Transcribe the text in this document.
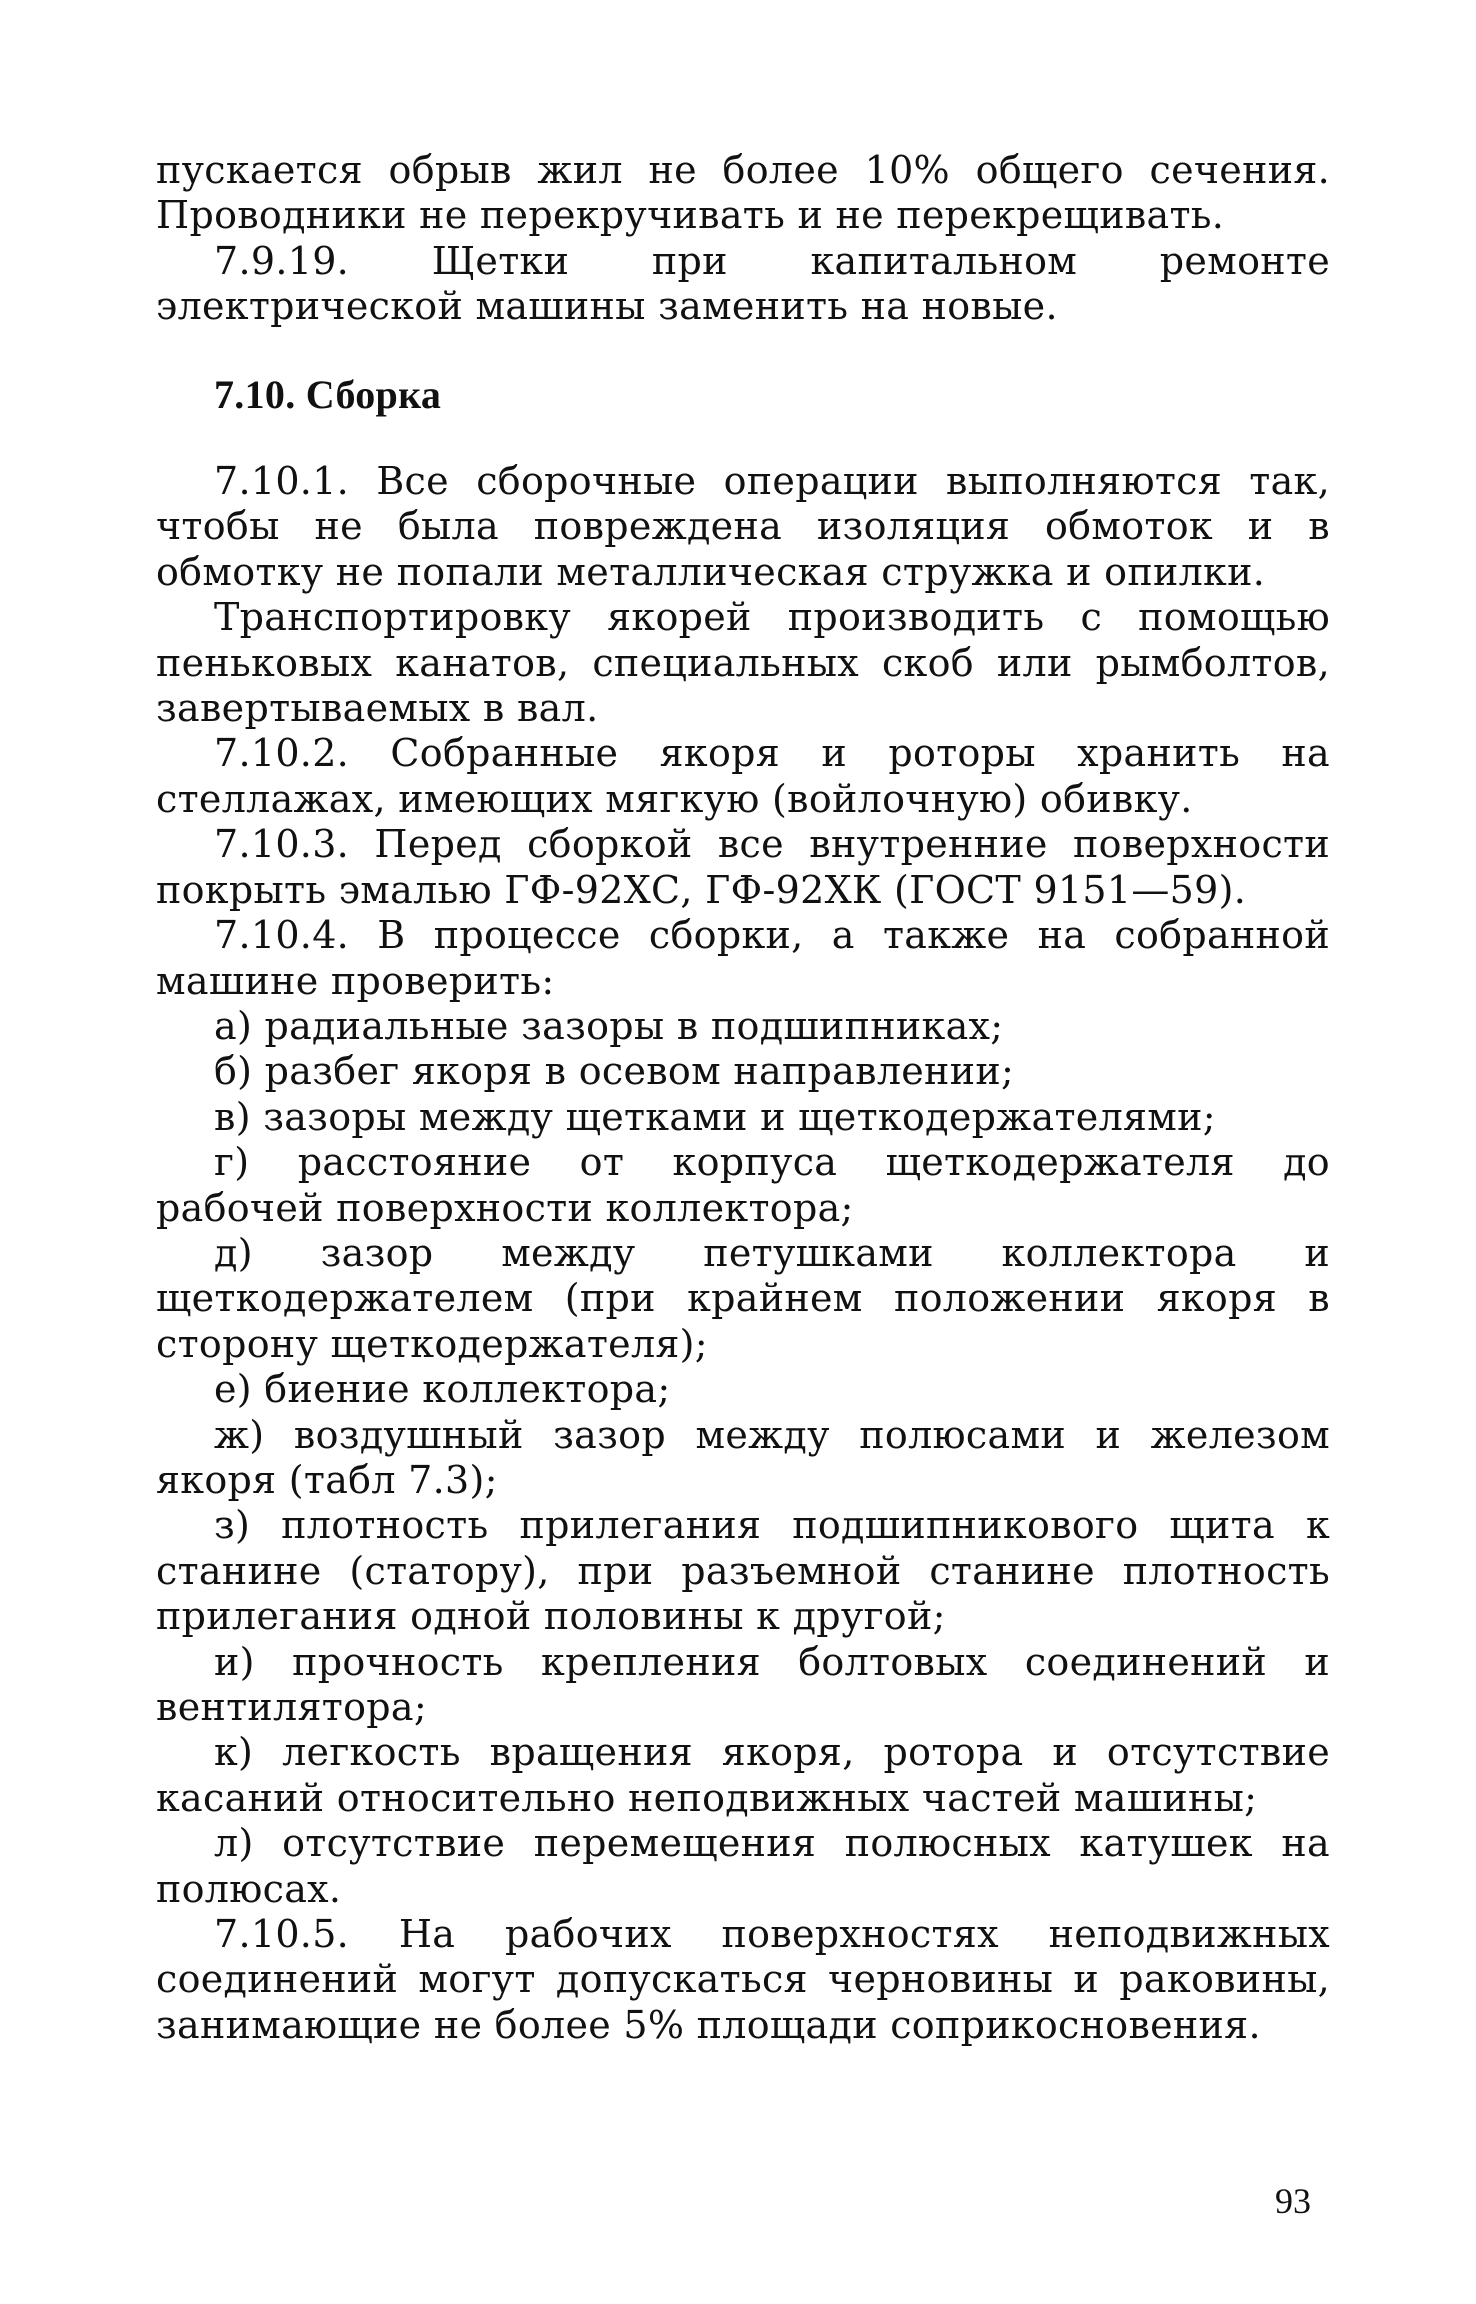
пускается обрыв жил не более 10% общего сечения. Проводники не перекручивать и не перекрещивать.

7.9.19. Щетки при капитальном ремонте электрической машины заменить на новые.

7.10. Сборка

7.10.1. Все сборочные операции выполняются так, чтобы не была повреждена изоляция обмоток и в обмотку не попали металлическая стружка и опилки.

Транспортировку якорей производить с помощью пеньковых канатов, специальных скоб или рымболтов, завертываемых в вал.

7.10.2. Собранные якоря и роторы хранить на стеллажах, имеющих мягкую (войлочную) обивку.

7.10.3. Перед сборкой все внутренние поверхности покрыть эмалью ГФ-92ХС, ГФ-92ХК (ГОСТ 9151—59).

7.10.4. В процессе сборки, а также на собранной машине проверить:

а) радиальные зазоры в подшипниках;

б) разбег якоря в осевом направлении;

в) зазоры между щетками и щеткодержателями;

г) расстояние от корпуса щеткодержателя до рабочей поверхности коллектора;

д) зазор между петушками коллектора и щеткодержателем (при крайнем положении якоря в сторону щеткодержателя);

е) биение коллектора;

ж) воздушный зазор между полюсами и железом якоря (табл 7.3);

з) плотность прилегания подшипникового щита к станине (статору), при разъемной станине плотность прилегания одной половины к другой;

и) прочность крепления болтовых соединений и вентилятора;

к) легкость вращения якоря, ротора и отсутствие касаний относительно неподвижных частей машины;

л) отсутствие перемещения полюсных катушек на полюсах.

7.10.5. На рабочих поверхностях неподвижных соединений могут допускаться черновины и раковины, занимающие не более 5% площади соприкосновения.

93
